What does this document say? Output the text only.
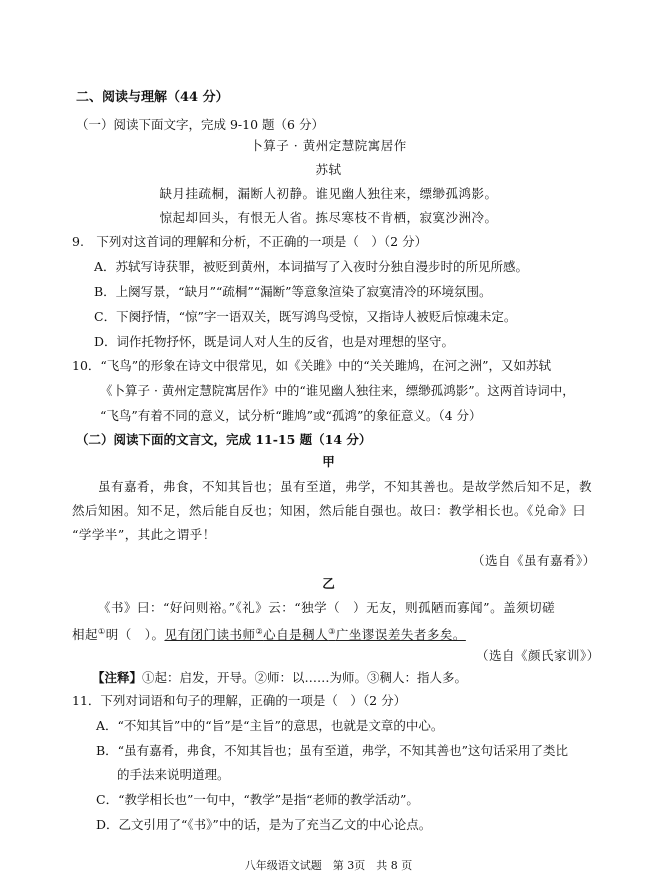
二、阅读与理解（44 分）
（一）阅读下面文字，完成 9-10 题（6 分）
卜算子 · 黄州定慧院寓居作
苏轼
缺月挂疏桐，漏断人初静。谁见幽人独往来，缥缈孤鸿影。
惊起却回头，有恨无人省。拣尽寒枝不肯栖，寂寞沙洲冷。
9.　下列对这首词的理解和分析，不正确的一项是（　）（2 分）
A．苏轼写诗获罪，被贬到黄州，本词描写了入夜时分独自漫步时的所见所感。
B．上阕写景，“缺月”“疏桐”“漏断”等意象渲染了寂寞清冷的环境氛围。
C．下阕抒情，“惊”字一语双关，既写鸿鸟受惊，又指诗人被贬后惊魂未定。
D．词作托物抒怀，既是词人对人生的反省，也是对理想的坚守。
10．“飞鸟”的形象在诗文中很常见，如《关雎》中的“关关雎鸠，在河之洲”，又如苏轼
《卜算子 · 黄州定慧院寓居作》中的“谁见幽人独往来，缥缈孤鸿影”。这两首诗词中，
“飞鸟”有着不同的意义，试分析“雎鸠”或“孤鸿”的象征意义。（4 分）
（二）阅读下面的文言文，完成 11-15 题（14 分）
甲
虽有嘉肴，弗食，不知其旨也；虽有至道，弗学，不知其善也。是故学然后知不足，教
然后知困。知不足，然后能自反也；知困，然后能自强也。故曰：教学相长也。《兑命》曰
“学学半”，其此之谓乎！
（选自《虽有嘉肴》）
乙
《书》曰：“好问则裕。”《礼》云：“独学（　）无友，则孤陋而寡闻”。盖须切磋
相起①明（　）。见有闭门读书师②心自是稠人③广坐谬误差失者多矣。
（选自《颜氏家训》）
【注释】①起：启发，开导。②师：以……为师。③稠人：指人多。
11．下列对词语和句子的理解，正确的一项是（　）（2 分）
A．“不知其旨”中的“旨”是“主旨”的意思，也就是文章的中心。
B．“虽有嘉肴，弗食，不知其旨也；虽有至道，弗学，不知其善也”这句话采用了类比
的手法来说明道理。
C．“教学相长也”一句中，“教学”是指“老师的教学活动”。
D．乙文引用了“《书》”中的话，是为了充当乙文的中心论点。
八年级语文试题　第 3页　共 8 页
